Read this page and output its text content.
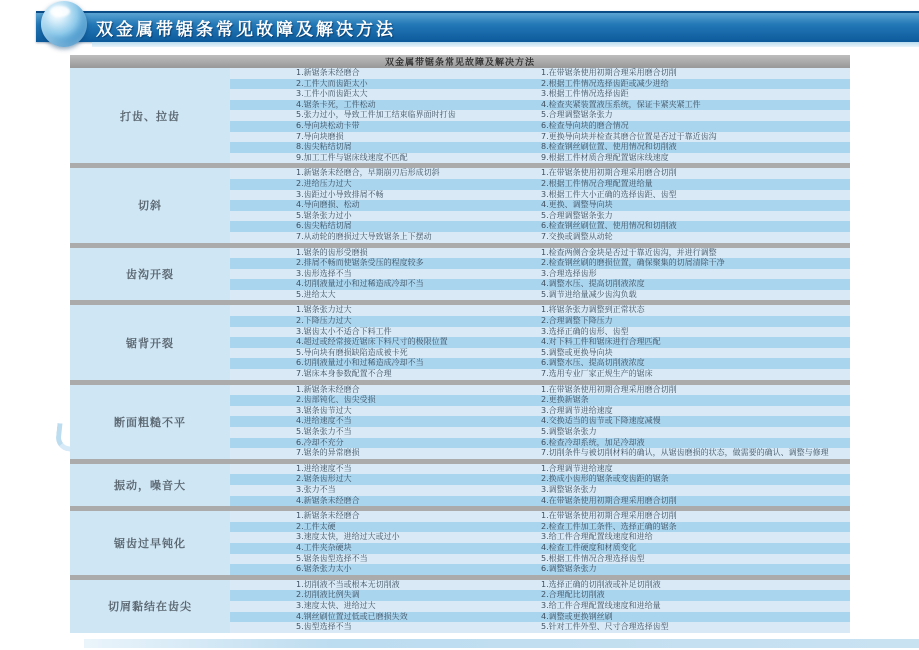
双金属带锯条常见故障及解决方法
双金属带锯条常见故障及解决方法
打齿、拉齿
1.新锯条未经磨合	1.在带锯条使用初期合理采用磨合切削
2.工件大而齿距太小	2.根据工件情况选择齿距或减少进给
3.工件小而齿距太大	3.根据工件情况选择齿距
4.锯条卡死，工件松动	4.检查夹紧装置液压系统，保证卡紧夹紧工件
5.张力过小，导致工件加工结束临界面时打齿	5.合理调整锯条张力
6.导向块松动卡带	6.检查导向块的磨合情况
7.导向块磨损	7.更换导向块并检查其磨合位置是否过于靠近齿沟
8.齿尖粘结切屑	8.检查钢丝刷位置、使用情况和切削液
9.加工工件与锯床线速度不匹配	9.根据工件材质合理配置锯床线速度
切斜
1.新锯条未经磨合，早期崩刃后形成切斜	1.在带锯条使用初期合理采用磨合切削
2.进给压力过大	2.根据工件情况合理配置进给量
3.齿距过小导致排屑不畅	3.根据工件大小正确的选择齿距、齿型
4.导向磨损、松动	4.更换、调整导向块
5.锯条张力过小	5.合理调整锯条张力
6.齿尖粘结切屑	6.检查钢丝刷位置、使用情况和切削液
7.从动轮的磨损过大导致锯条上下摆动	7.交换或调整从动轮
齿沟开裂
1.锯条的齿形受磨损	1.检查两侧合金块是否过于靠近齿沟，并进行调整
2.排屑不畅而使锯条受压的程度较多	2.检查钢丝刷的磨损位置，确保聚集的切屑清除干净
3.齿形选择不当	3.合理选择齿形
4.切削液量过小和过稀造成冷却不当	4.调整水压、提高切削液浓度
5.进给太大	5.调节进给量减少齿沟负载
锯背开裂
1.锯条张力过大	1.将锯条张力调整到正常状态
2.下降压力过大	2.合理调整下降压力
3.锯齿太小不适合下料工件	3.选择正确的齿形、齿型
4.超过或经常接近锯床下料尺寸的极限位置	4.对下料工件和锯床进行合理匹配
5.导向块有磨损缺陷造成被卡死	5.调整或更换导向块
6.切削液量过小和过稀造成冷却不当	6.调整水压、提高切削液浓度
7.锯床本身参数配置不合理	7.选用专业厂家正规生产的锯床
断面粗糙不平
1.新锯条未经磨合	1.在带锯条使用初期合理采用磨合切削
2.齿部钝化、齿尖受损	2.更换新锯条
3.锯条齿节过大	3.合理调节进给速度
4.进给速度不当	4.交换适当的齿节或下降速度减慢
5.锯条张力不当	5.调整锯条张力
6.冷却不充分	6.检查冷却系统，加足冷却液
7.锯条的异常磨损	7.切削条件与被切削材料的确认，从锯齿磨损的状态，做需要的确认、调整与修理
振动，噪音大
1.进给速度不当	1.合理调节进给速度
2.锯条齿形过大	2.换成小齿形的锯条或变齿距的锯条
3.张力不当	3.调整锯条张力
4.新锯条未经磨合	4.在带锯条使用初期合理采用磨合切削
锯齿过早钝化
1.新锯条未经磨合	1.在带锯条使用初期合理采用磨合切削
2.工件太硬	2.检查工件加工条件、选择正确的锯条
3.速度太快，进给过大或过小	3.给工件合理配置线速度和进给
4.工件夹杂硬块	4.检查工件硬度和材质变化
5.锯条齿型选择不当	5.根据工件情况合理选择齿型
6.锯条张力太小	6.调整锯条张力
切屑黏结在齿尖
1.切削液不当或根本无切削液	1.选择正确的切削液或补足切削液
2.切削液比例失调	2.合理配比切削液
3.速度太快、进给过大	3.给工件合理配置线速度和进给量
4.钢丝刷位置过低或已磨损失效	4.调整或更换钢丝刷
5.齿型选择不当	5.针对工件外型、尺寸合理选择齿型
